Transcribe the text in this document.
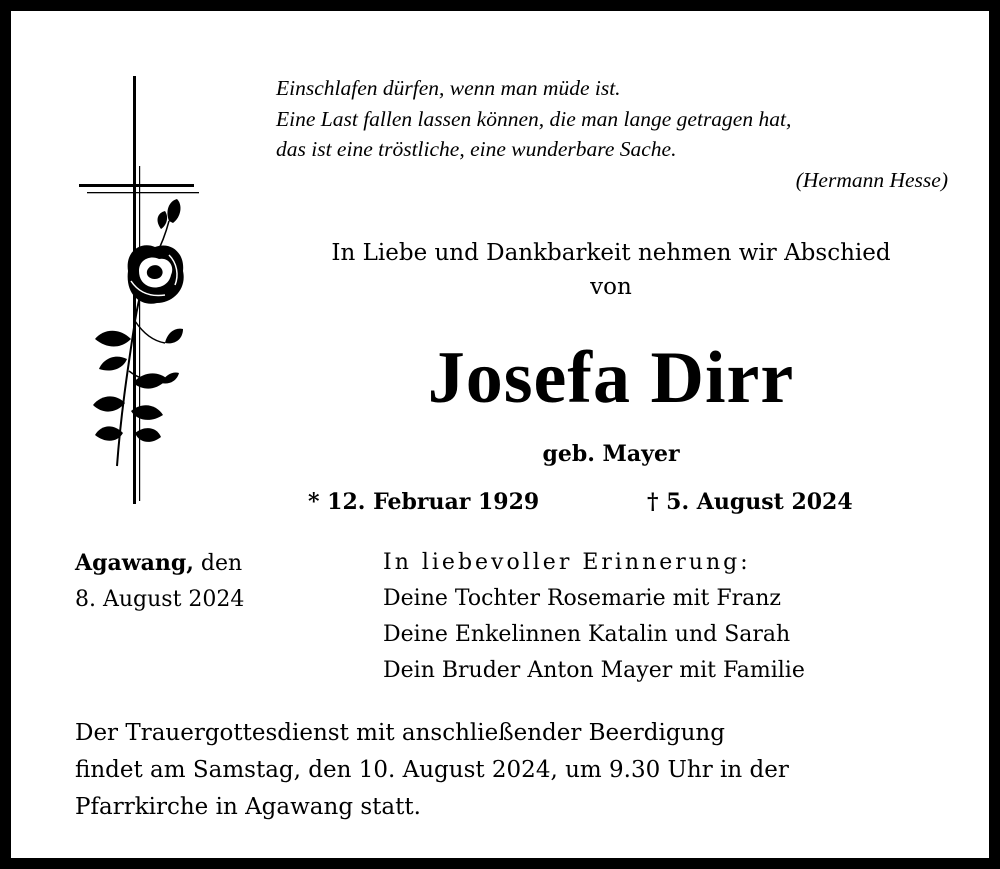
Einschlafen dürfen, wenn man müde ist.
Eine Last fallen lassen können, die man lange getragen hat,
das ist eine tröstliche, eine wunderbare Sache.
(Hermann Hesse)
In Liebe und Dankbarkeit nehmen wir Abschied
von
Josefa Dirr
geb. Mayer
* 12. Februar 1929	† 5. August 2024
Agawang, den
8. August 2024
In liebevoller Erinnerung:
Deine Tochter Rosemarie mit Franz
Deine Enkelinnen Katalin und Sarah
Dein Bruder Anton Mayer mit Familie
Der Trauergottesdienst mit anschließender Beerdigung
findet am Samstag, den 10. August 2024, um 9.30 Uhr in der
Pfarrkirche in Agawang statt.
